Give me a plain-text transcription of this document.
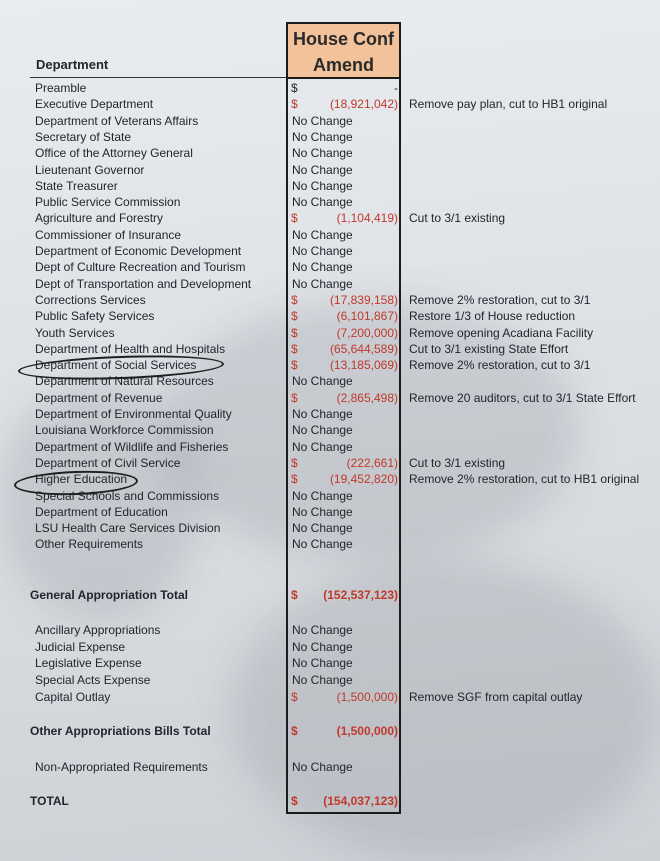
Department
House Conf
Amend
Preamble	$	-
Executive Department	$	(18,921,042) Remove pay plan, cut to HB1 original
Department of Veterans Affairs	No Change
Secretary of State	No Change
Office of the Attorney General	No Change
Lieutenant Governor	No Change
State Treasurer	No Change
Public Service Commission	No Change
Agriculture and Forestry	$	(1,104,419) Cut to 3/1 existing
Commissioner of Insurance	No Change
Department of Economic Development	No Change
Dept of Culture Recreation and Tourism	No Change
Dept of Transportation and Development	No Change
Corrections Services	$	(17,839,158) Remove 2% restoration, cut to 3/1
Public Safety Services	$	(6,101,867) Restore 1/3 of House reduction
Youth Services	$	(7,200,000) Remove opening Acadiana Facility
Department of Health and Hospitals	$	(65,644,589) Cut to 3/1 existing State Effort
Department of Social Services	$	(13,185,069) Remove 2% restoration, cut to 3/1
Department of Natural Resources	No Change
Department of Revenue	$	(2,865,498) Remove 20 auditors, cut to 3/1 State Effort
Department of Environmental Quality	No Change
Louisiana Workforce Commission	No Change
Department of Wildlife and Fisheries	No Change
Department of Civil Service	$	(222,661) Cut to 3/1 existing
Higher Education	$	(19,452,820) Remove 2% restoration, cut to HB1 original
Special Schools and Commissions	No Change
Department of Education	No Change
LSU Health Care Services Division	No Change
Other Requirements	No Change
General Appropriation Total	$ (152,537,123)
Ancillary Appropriations	No Change
Judicial Expense	No Change
Legislative Expense	No Change
Special Acts Expense	No Change
Capital Outlay	$	(1,500,000) Remove SGF from capital outlay
Other Appropriations Bills Total	$	(1,500,000)
Non-Appropriated Requirements	No Change
TOTAL	$ (154,037,123)
